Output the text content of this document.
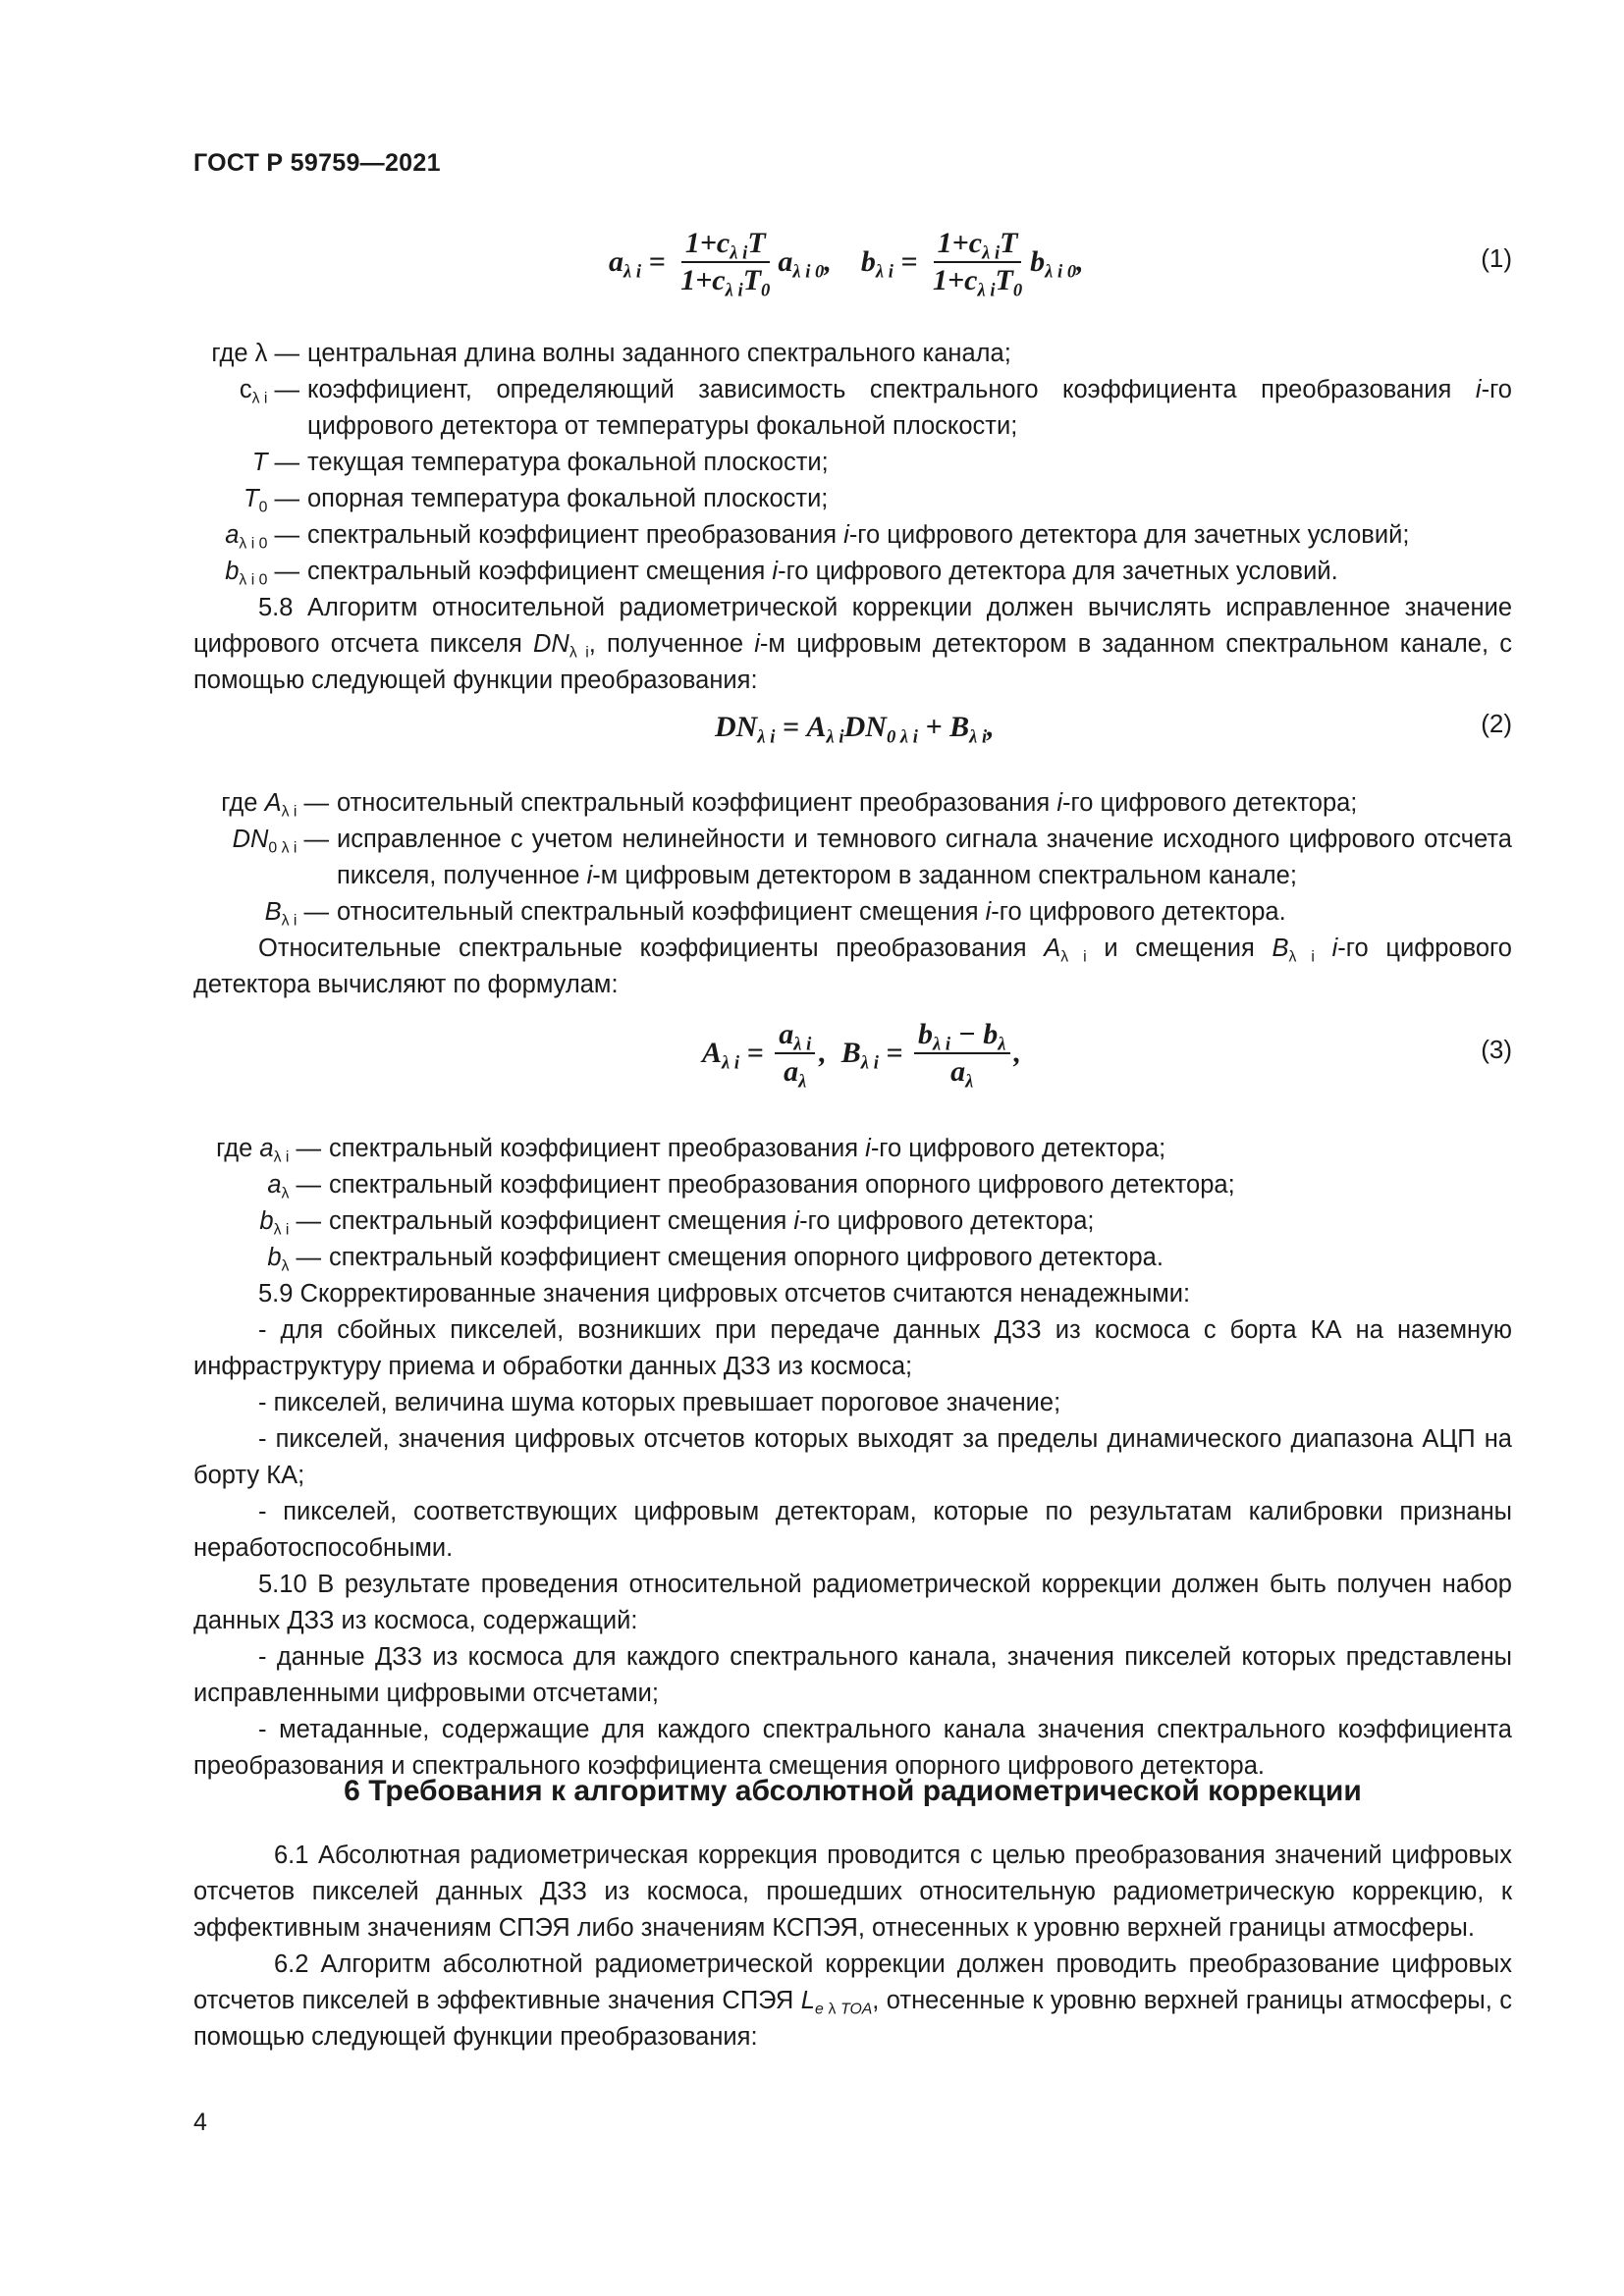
ГОСТ Р 59759—2021
$a_{\lambda i} = \frac{1+c_{\lambda i}T}{1+c_{\lambda i}T_0} a_{\lambda i 0}$,    $b_{\lambda i} = \frac{1+c_{\lambda i}T}{1+c_{\lambda i}T_0} b_{\lambda i 0}$,	(1)
где λ — центральная длина волны заданного спектрального канала;
$c_{\lambda i}$ — коэффициент, определяющий зависимость спектрального коэффициента преобразования i-го цифрового детектора от температуры фокальной плоскости;
T — текущая температура фокальной плоскости;
$T_0$ — опорная температура фокальной плоскости;
$a_{\lambda i 0}$ — спектральный коэффициент преобразования i-го цифрового детектора для зачетных условий;
$b_{\lambda i 0}$ — спектральный коэффициент смещения i-го цифрового детектора для зачетных условий.

5.8 Алгоритм относительной радиометрической коррекции должен вычислять исправленное значение цифрового отсчета пикселя $DN_{\lambda i}$, полученное i-м цифровым детектором в заданном спектральном канале, с помощью следующей функции преобразования:

$DN_{\lambda i} = A_{\lambda i}DN_{0 \lambda i} + B_{\lambda i}$,	(2)
где $A_{\lambda i}$ — относительный спектральный коэффициент преобразования i-го цифрового детектора;
$DN_{0 \lambda i}$ — исправленное с учетом нелинейности и темнового сигнала значение исходного цифрового отсчета пикселя, полученное i-м цифровым детектором в заданном спектральном канале;
$B_{\lambda i}$ — относительный спектральный коэффициент смещения i-го цифрового детектора.

Относительные спектральные коэффициенты преобразования $A_{\lambda i}$ и смещения $B_{\lambda i}$ i-го цифрового детектора вычисляют по формулам:

$A_{\lambda i} = \frac{a_{\lambda i}}{a_\lambda}$ ,  $B_{\lambda i} = \frac{b_{\lambda i} - b_\lambda}{a_\lambda}$ ,	(3)
где $a_{\lambda i}$ — спектральный коэффициент преобразования i-го цифрового детектора;
$a_\lambda$ — спектральный коэффициент преобразования опорного цифрового детектора;
$b_{\lambda i}$ — спектральный коэффициент смещения i-го цифрового детектора;
$b_\lambda$ — спектральный коэффициент смещения опорного цифрового детектора.

5.9 Скорректированные значения цифровых отсчетов считаются ненадежными:

- для сбойных пикселей, возникших при передаче данных ДЗЗ из космоса с борта КА на наземную инфраструктуру приема и обработки данных ДЗЗ из космоса;

- пикселей, величина шума которых превышает пороговое значение;

- пикселей, значения цифровых отсчетов которых выходят за пределы динамического диапазона АЦП на борту КА;

- пикселей, соответствующих цифровым детекторам, которые по результатам калибровки признаны неработоспособными.

5.10 В результате проведения относительной радиометрической коррекции должен быть получен набор данных ДЗЗ из космоса, содержащий:

- данные ДЗЗ из космоса для каждого спектрального канала, значения пикселей которых представлены исправленными цифровыми отсчетами;

- метаданные, содержащие для каждого спектрального канала значения спектрального коэффициента преобразования и спектрального коэффициента смещения опорного цифрового детектора.

6 Требования к алгоритму абсолютной радиометрической коррекции

6.1 Абсолютная радиометрическая коррекция проводится с целью преобразования значений цифровых отсчетов пикселей данных ДЗЗ из космоса, прошедших относительную радиометрическую коррекцию, к эффективным значениям СПЭЯ либо значениям КСПЭЯ, отнесенных к уровню верхней границы атмосферы.

6.2 Алгоритм абсолютной радиометрической коррекции должен проводить преобразование цифровых отсчетов пикселей в эффективные значения СПЭЯ $L_{e \lambda TOA}$, отнесенные к уровню верхней границы атмосферы, с помощью следующей функции преобразования:

4
